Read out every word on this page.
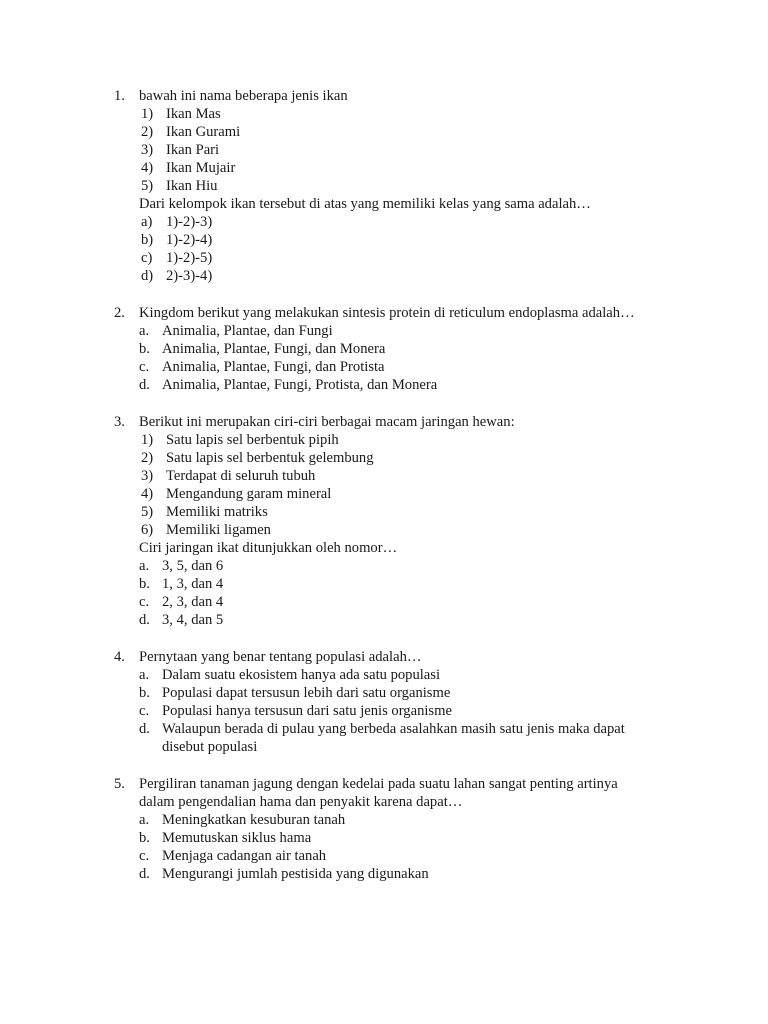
1. bawah ini nama beberapa jenis ikan
1) Ikan Mas
2) Ikan Gurami
3) Ikan Pari
4) Ikan Mujair
5) Ikan Hiu
Dari kelompok ikan tersebut di atas yang memiliki kelas yang sama adalah…
a) 1)-2)-3)
b) 1)-2)-4)
c) 1)-2)-5)
d) 2)-3)-4)
2. Kingdom berikut yang melakukan sintesis protein di reticulum endoplasma adalah…
a. Animalia, Plantae, dan Fungi
b. Animalia, Plantae, Fungi, dan Monera
c. Animalia, Plantae, Fungi, dan Protista
d. Animalia, Plantae, Fungi, Protista, dan Monera
3. Berikut ini merupakan ciri-ciri berbagai macam jaringan hewan:
1) Satu lapis sel berbentuk pipih
2) Satu lapis sel berbentuk gelembung
3) Terdapat di seluruh tubuh
4) Mengandung garam mineral
5) Memiliki matriks
6) Memiliki ligamen
Ciri jaringan ikat ditunjukkan oleh nomor…
a. 3, 5, dan 6
b. 1, 3, dan 4
c. 2, 3, dan 4
d. 3, 4, dan 5
4. Pernytaan yang benar tentang populasi adalah…
a. Dalam suatu ekosistem hanya ada satu populasi
b. Populasi dapat tersusun lebih dari satu organisme
c. Populasi hanya tersusun dari satu jenis organisme
d. Walaupun berada di pulau yang berbeda asalahkan masih satu jenis maka dapat
disebut populasi
5. Pergiliran tanaman jagung dengan kedelai pada suatu lahan sangat penting artinya
dalam pengendalian hama dan penyakit karena dapat…
a. Meningkatkan kesuburan tanah
b. Memutuskan siklus hama
c. Menjaga cadangan air tanah
d. Mengurangi jumlah pestisida yang digunakan
